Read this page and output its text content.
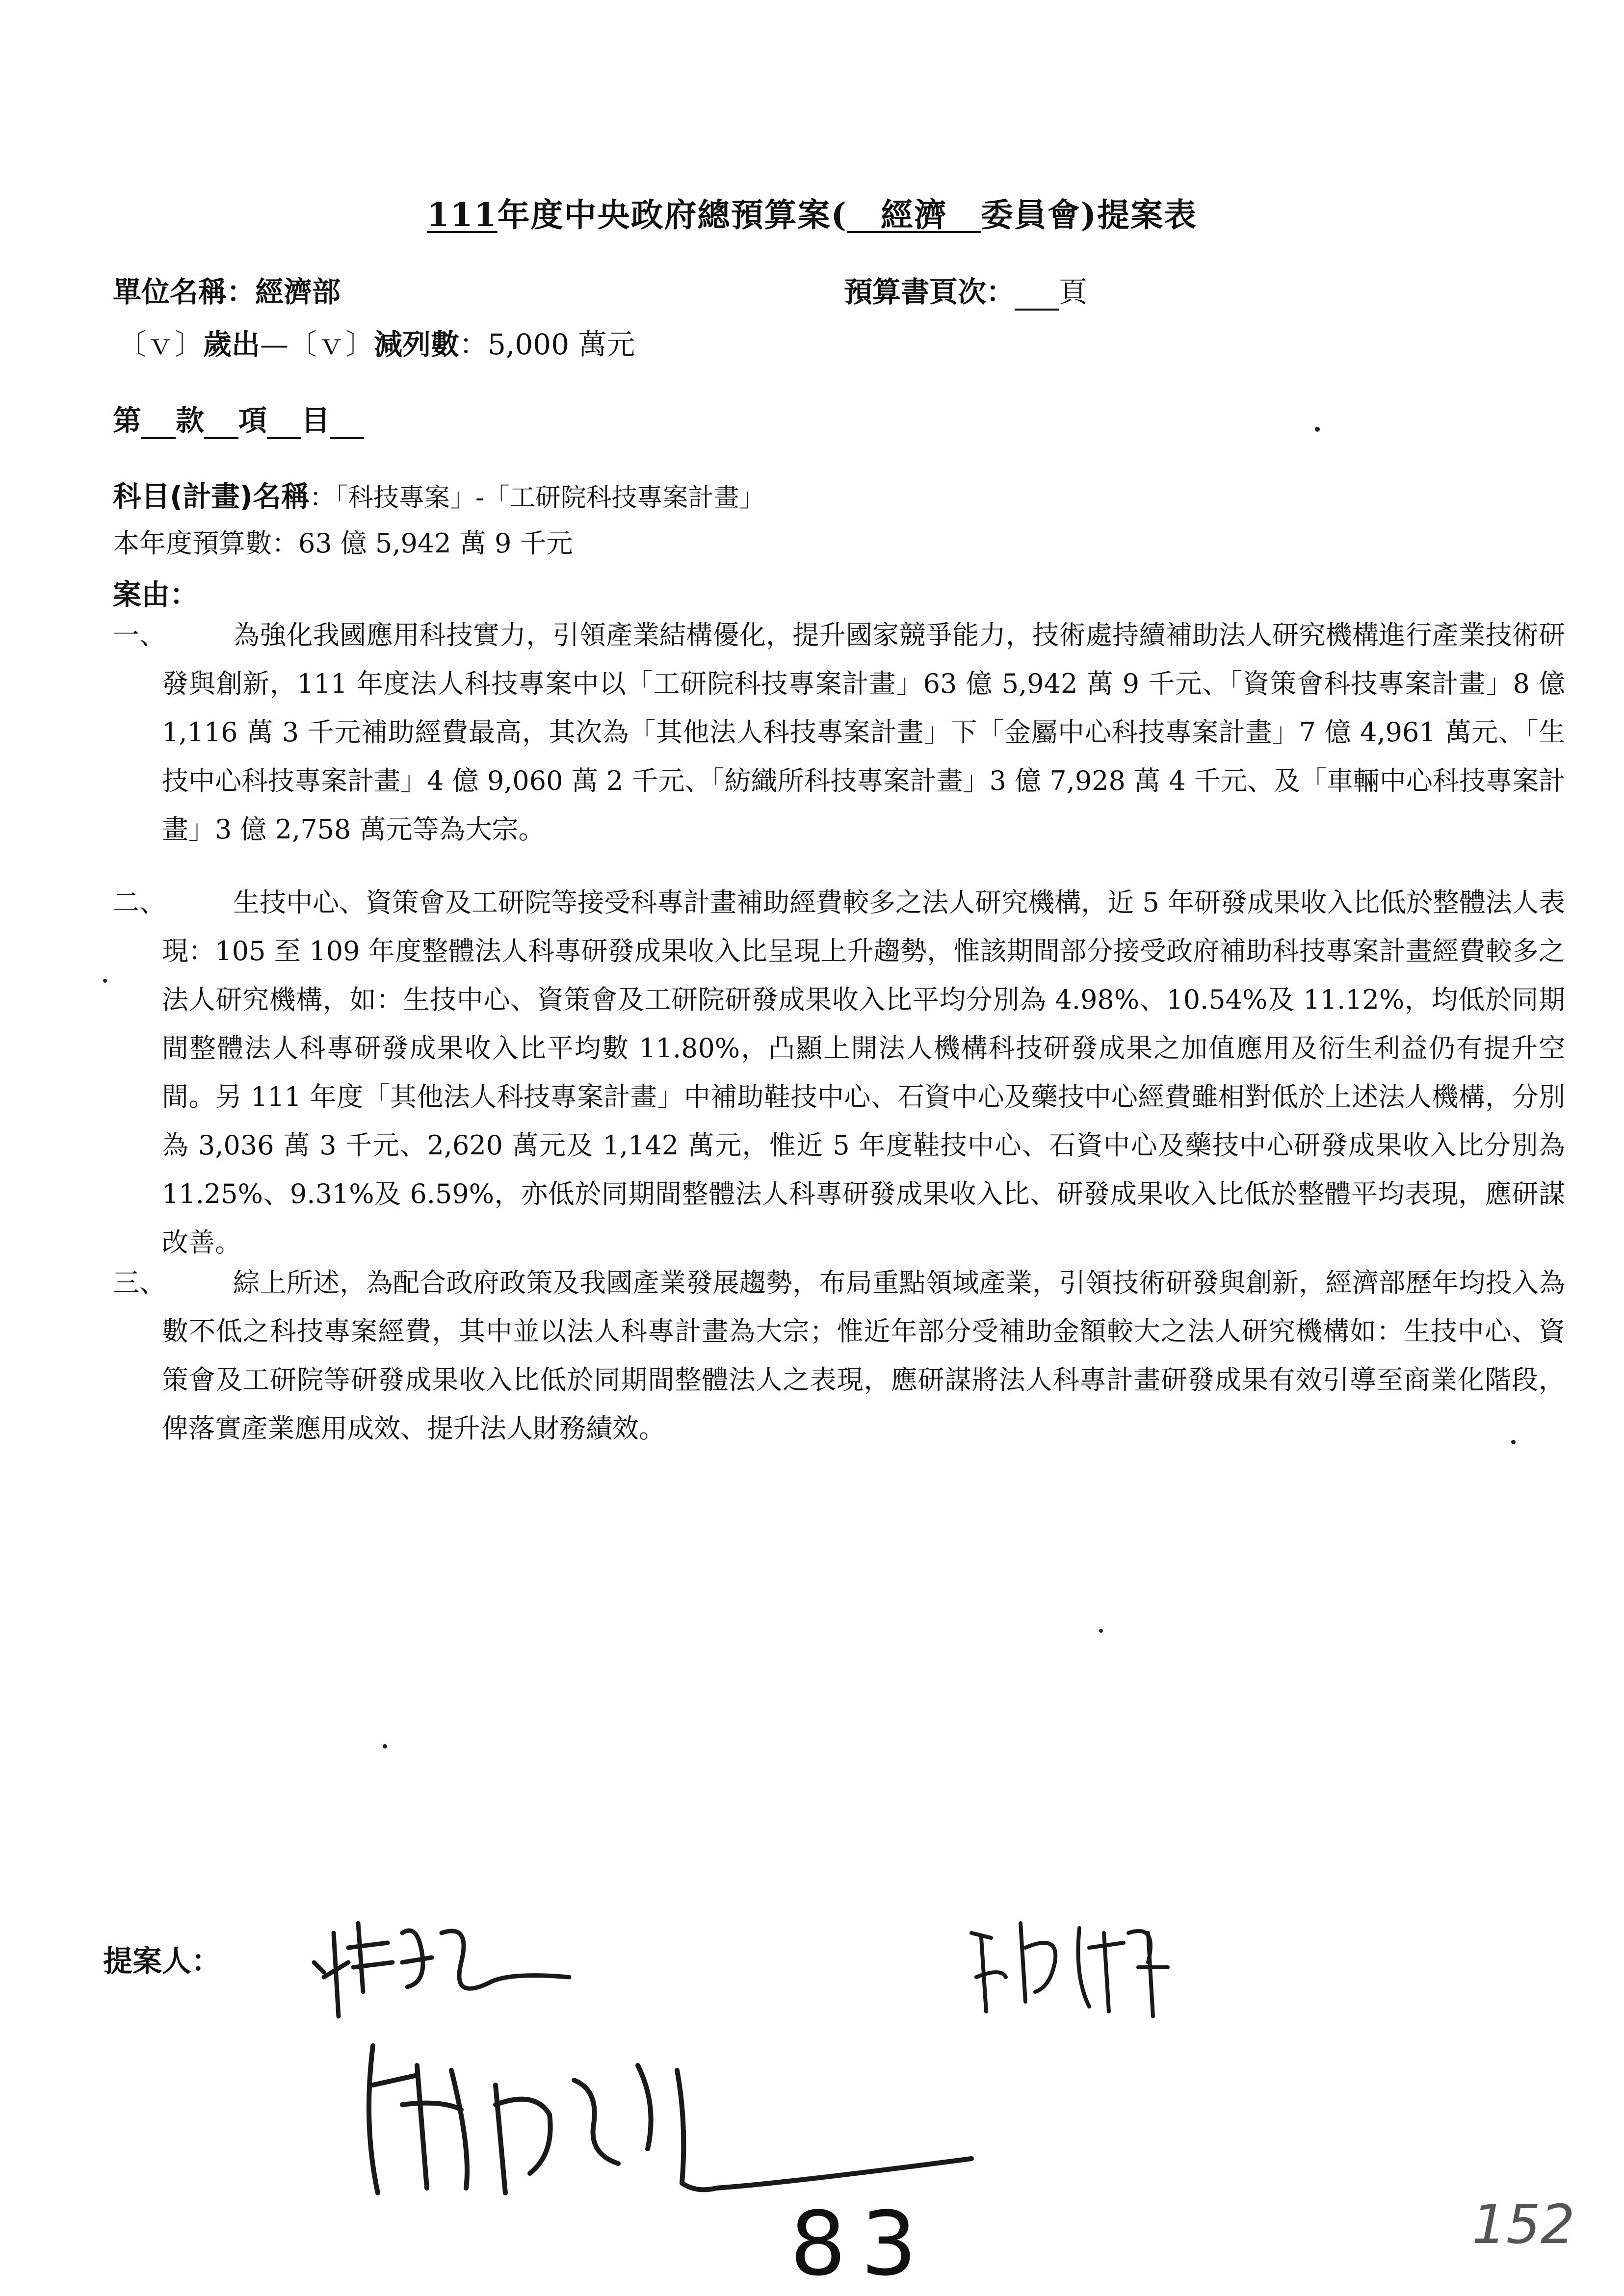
111年度中央政府總預算案(　經濟　委員會)提案表
單位名稱：經濟部	預算書頁次： 頁
〔ｖ〕歲出—〔ｖ〕減列數：5,000 萬元
第 款 項 目
科目(計畫)名稱：「科技專案」-「工研院科技專案計畫」
本年度預算數：63 億 5,942 萬 9 千元
案由：
一、	為強化我國應用科技實力，引領產業結構優化，提升國家競爭能力，技術處持續補助法人研究機構進行產業技術研發與創新，111 年度法人科技專案中以「工研院科技專案計畫」63 億 5,942 萬 9 千元、「資策會科技專案計畫」8 億 1,116 萬 3 千元補助經費最高，其次為「其他法人科技專案計畫」下「金屬中心科技專案計畫」7 億 4,961 萬元、「生技中心科技專案計畫」4 億 9,060 萬 2 千元、「紡織所科技專案計畫」3 億 7,928 萬 4 千元、及「車輛中心科技專案計畫」3 億 2,758 萬元等為大宗。
二、	生技中心、資策會及工研院等接受科專計畫補助經費較多之法人研究機構，近 5 年研發成果收入比低於整體法人表現：105 至 109 年度整體法人科專研發成果收入比呈現上升趨勢，惟該期間部分接受政府補助科技專案計畫經費較多之法人研究機構，如：生技中心、資策會及工研院研發成果收入比平均分別為 4.98%、10.54%及 11.12%，均低於同期間整體法人科專研發成果收入比平均數 11.80%，凸顯上開法人機構科技研發成果之加值應用及衍生利益仍有提升空間。另 111 年度「其他法人科技專案計畫」中補助鞋技中心、石資中心及藥技中心經費雖相對低於上述法人機構，分別為 3,036 萬 3 千元、2,620 萬元及 1,142 萬元，惟近 5 年度鞋技中心、石資中心及藥技中心研發成果收入比分別為 11.25%、9.31%及 6.59%，亦低於同期間整體法人科專研發成果收入比、研發成果收入比低於整體平均表現，應研謀改善。
三、	綜上所述，為配合政府政策及我國產業發展趨勢，布局重點領域產業，引領技術研發與創新，經濟部歷年均投入為數不低之科技專案經費，其中並以法人科專計畫為大宗；惟近年部分受補助金額較大之法人研究機構如：生技中心、資策會及工研院等研發成果收入比低於同期間整體法人之表現，應研謀將法人科專計畫研發成果有效引導至商業化階段，俾落實產業應用成效、提升法人財務績效。
提案人：
83	152
